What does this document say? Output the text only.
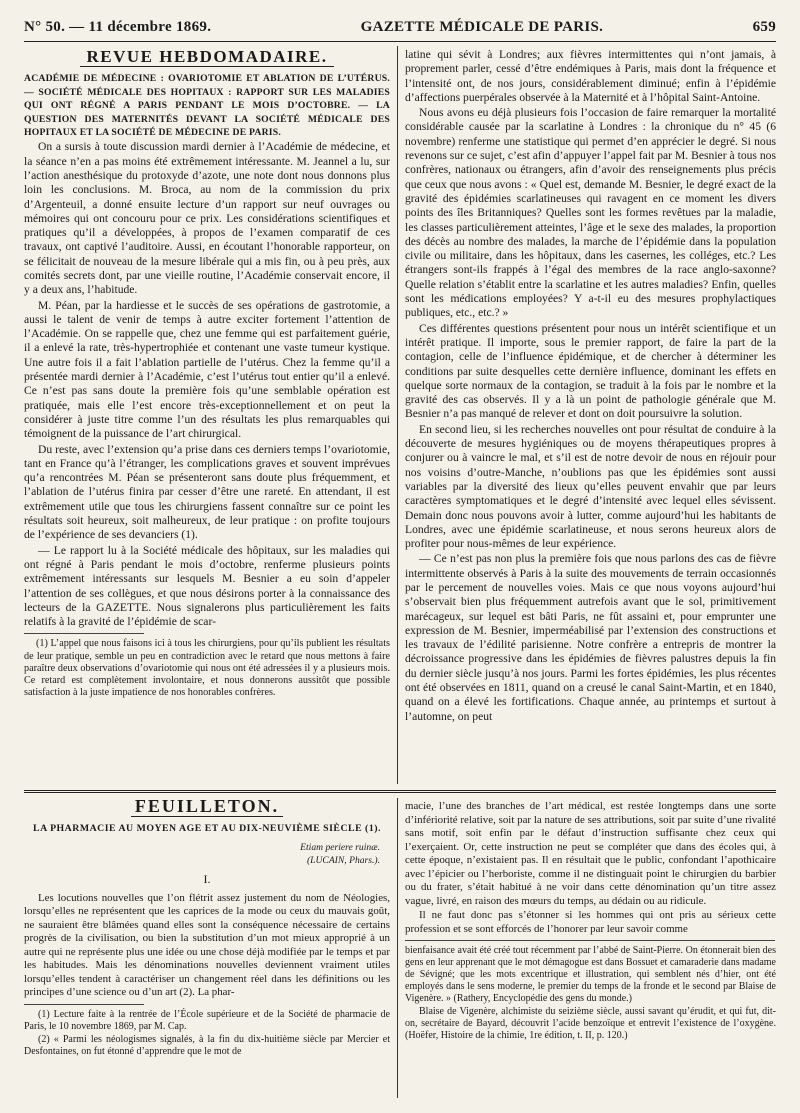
N° 50. — 11 décembre 1869.	GAZETTE MÉDICALE DE PARIS.	659
REVUE HEBDOMADAIRE.

ACADÉMIE DE MÉDECINE : OVARIOTOMIE ET ABLATION DE L’UTÉRUS. — SOCIÉTÉ MÉDICALE DES HOPITAUX : RAPPORT SUR LES MALADIES QUI ONT RÉGNÉ A PARIS PENDANT LE MOIS D’OCTOBRE. — LA QUESTION DES MATERNITÉS DEVANT LA SOCIÉTÉ MÉDICALE DES HOPITAUX ET LA SOCIÉTÉ DE MÉDECINE DE PARIS.

On a sursis à toute discussion mardi dernier à l’Académie de médecine, et la séance n’en a pas moins été extrêmement intéressante. M. Jeannel a lu, sur l’action anesthésique du protoxyde d’azote, une note dont nous donnons plus loin les conclusions. M. Broca, au nom de la commission du prix d’Argenteuil, a donné ensuite lecture d’un rapport sur neuf ouvrages ou mémoires qui ont concouru pour ce prix. Les considérations scientifiques et pratiques qu’il a développées, à propos de l’examen comparatif de ces travaux, ont captivé l’auditoire. Aussi, en écoutant l’honorable rapporteur, on se félicitait de nouveau de la mesure libérale qui a mis fin, ou à peu près, aux comités secrets dont, par une vieille routine, l’Académie conservait encore, il y a deux ans, l’habitude.

M. Péan, par la hardiesse et le succès de ses opérations de gastrotomie, a aussi le talent de venir de temps à autre exciter fortement l’attention de l’Académie. On se rappelle que, chez une femme qui est parfaitement guérie, il a enlevé la rate, très-hypertrophiée et contenant une vaste tumeur kystique. Une autre fois il a fait l’ablation partielle de l’utérus. Chez la femme qu’il a présentée mardi dernier à l’Académie, c’est l’utérus tout entier qu’il a enlevé. Ce n’est pas sans doute la première fois qu’une semblable opération est pratiquée, mais elle l’est encore très-exceptionnellement et on peut la considérer à juste titre comme l’un des résultats les plus remarquables qui témoignent de la puissance de l’art chirurgical.

Du reste, avec l’extension qu’a prise dans ces derniers temps l’ovariotomie, tant en France qu’à l’étranger, les complications graves et souvent imprévues qu’a rencontrées M. Péan se présenteront sans doute plus fréquemment, et l’ablation de l’utérus finira par cesser d’être une rareté. En attendant, il est extrêmement utile que tous les chirurgiens fassent connaître sur ce point les résultats soit heureux, soit malheureux, de leur pratique : on profite toujours de l’expérience de ses devanciers (1).

— Le rapport lu à la Société médicale des hôpitaux, sur les maladies qui ont régné à Paris pendant le mois d’octobre, renferme plusieurs points extrêmement intéressants sur lesquels M. Besnier a eu soin d’appeler l’attention de ses collègues, et que nous désirons porter à la connaissance des lecteurs de la GAZETTE. Nous signalerons plus particulièrement les faits relatifs à la gravité de l’épidémie de scar-

(1) L’appel que nous faisons ici à tous les chirurgiens, pour qu’ils publient les résultats de leur pratique, semble un peu en contradiction avec le retard que nous mettons à faire paraître deux observations d’ovariotomie qui nous ont été adressées il y a plusieurs mois. Ce retard est complètement involontaire, et nous donnerons aussitôt que possible satisfaction à la juste impatience de nos honorables confrères.

latine qui sévit à Londres; aux fièvres intermittentes qui n’ont jamais, à proprement parler, cessé d’être endémiques à Paris, mais dont la fréquence et l’intensité ont, de nos jours, considérablement diminué; enfin à l’épidémie d’affections puerpérales observée à la Maternité et à l’hôpital Saint-Antoine.

Nous avons eu déjà plusieurs fois l’occasion de faire remarquer la mortalité considérable causée par la scarlatine à Londres : la chronique du n° 45 (6 novembre) renferme une statistique qui permet d’en apprécier le degré. Si nous revenons sur ce sujet, c’est afin d’appuyer l’appel fait par M. Besnier à tous nos confrères, nationaux ou étrangers, afin d’avoir des renseignements plus précis que ceux que nous avons : « Quel est, demande M. Besnier, le degré exact de la gravité des épidémies scarlatineuses qui ravagent en ce moment les divers points des îles Britanniques? Quelles sont les formes revêtues par la maladie, les classes particulièrement atteintes, l’âge et le sexe des malades, la proportion des décès au nombre des malades, la marche de l’épidémie dans la population civile ou militaire, dans les hôpitaux, dans les casernes, les colléges, etc.? Les étrangers sont-ils frappés à l’égal des membres de la race anglo-saxonne? Quelle relation s’établit entre la scarlatine et les autres maladies? Enfin, quelles sont les médications employées? Y a-t-il eu des mesures prophylactiques publiques, etc., etc.? »

Ces différentes questions présentent pour nous un intérêt scientifique et un intérêt pratique. Il importe, sous le premier rapport, de faire la part de la contagion, celle de l’influence épidémique, et de chercher à déterminer les conditions par suite desquelles cette dernière influence, dominant les effets en quelque sorte normaux de la contagion, se traduit à la fois par le nombre et la gravité des cas observés. Il y a là un point de pathologie générale que M. Besnier n’a pas manqué de relever et dont on doit poursuivre la solution.

En second lieu, si les recherches nouvelles ont pour résultat de conduire à la découverte de mesures hygiéniques ou de moyens thérapeutiques propres à conjurer ou à vaincre le mal, et s’il est de notre devoir de nous en réjouir pour nos voisins d’outre-Manche, n’oublions pas que les épidémies sont aussi variables par la diversité des lieux qu’elles peuvent envahir que par leurs caractères symptomatiques et le degré d’intensité avec lequel elles sévissent. Demain donc nous pouvons avoir à lutter, comme aujourd’hui les habitants de Londres, avec une épidémie scarlatineuse, et nous serons heureux alors de profiter pour nous-mêmes de leur expérience.

— Ce n’est pas non plus la première fois que nous parlons des cas de fièvre intermittente observés à Paris à la suite des mouvements de terrain occasionnés par le percement de nouvelles voies. Mais ce que nous voyons aujourd’hui s’observait bien plus fréquemment autrefois avant que le sol, primitivement marécageux, sur lequel est bâti Paris, ne fût assaini et, pour emprunter une expression de M. Besnier, imperméabilisé par l’extension des constructions et les travaux de l’édilité parisienne. Notre confrère a entrepris de montrer la décroissance progressive dans les épidémies de fièvres palustres depuis la fin du dernier siècle jusqu’à nos jours. Parmi les fortes épidémies, les plus récentes ont été observées en 1811, quand on a creusé le canal Saint-Martin, et en 1840, quand on a élevé les fortifications. Chaque année, au printemps et surtout à l’automne, on peut

FEUILLETON.
LA PHARMACIE AU MOYEN AGE ET AU DIX-NEUVIÈME SIÈCLE (1).
Etiam periere ruinæ.
(LUCAIN, Phars.).
I.

Les locutions nouvelles que l’on flétrit assez justement du nom de Néologies, lorsqu’elles ne représentent que les caprices de la mode ou ceux du mauvais goût, ne sauraient être blâmées quand elles sont la conséquence nécessaire de certains progrès de la civilisation, ou bien la substitution d’un mot mieux approprié à un autre qui ne représente plus une idée ou une chose déjà modifiée par le temps et par les habitudes. Mais les dénominations nouvelles deviennent vraiment utiles lorsqu’elles tendent à caractériser un changement réel dans les définitions ou les principes d’une science ou d’un art (2). La phar-

(1) Lecture faite à la rentrée de l’École supérieure et de la Société de pharmacie de Paris, le 10 novembre 1869, par M. Cap.

(2) « Parmi les néologismes signalés, à la fin du dix-huitième siècle par Mercier et Desfontaines, on fut étonné d’apprendre que le mot de

macie, l’une des branches de l’art médical, est restée longtemps dans une sorte d’infériorité relative, soit par la nature de ses attributions, soit par suite d’une rivalité sans motif, soit enfin par le défaut d’instruction suffisante chez ceux qui l’exerçaient. Or, cette instruction ne peut se compléter que dans des écoles qui, à cette époque, n’existaient pas. Il en résultait que le public, confondant l’apothicaire avec l’épicier ou l’herboriste, comme il ne distinguait point le chirurgien du barbier ou du frater, s’était habitué à ne voir dans cette dénomination qu’un titre assez vague, livré, en raison des mœurs du temps, au dédain ou au ridicule.

Il ne faut donc pas s’étonner si les hommes qui ont pris au sérieux cette profession et se sont efforcés de l’honorer par leur savoir comme

bienfaisance avait été créé tout récemment par l’abbé de Saint-Pierre. On étonnerait bien des gens en leur apprenant que le mot démagogue est dans Bossuet et camaraderie dans madame de Sévigné; que les mots excentrique et illustration, qui semblent nés d’hier, ont été employés dans le sens moderne, le premier du temps de la fronde et le second par Blaise de Vigenère. » (Rathery, Encyclopédie des gens du monde.)

Blaise de Vigenère, alchimiste du seizième siècle, aussi savant qu’érudit, et qui fut, dit-on, secrétaire de Bayard, découvrit l’acide benzoïque et entrevit l’existence de l’oxygène. (Hoëfer, Histoire de la chimie, 1re édition, t. II, p. 120.)
